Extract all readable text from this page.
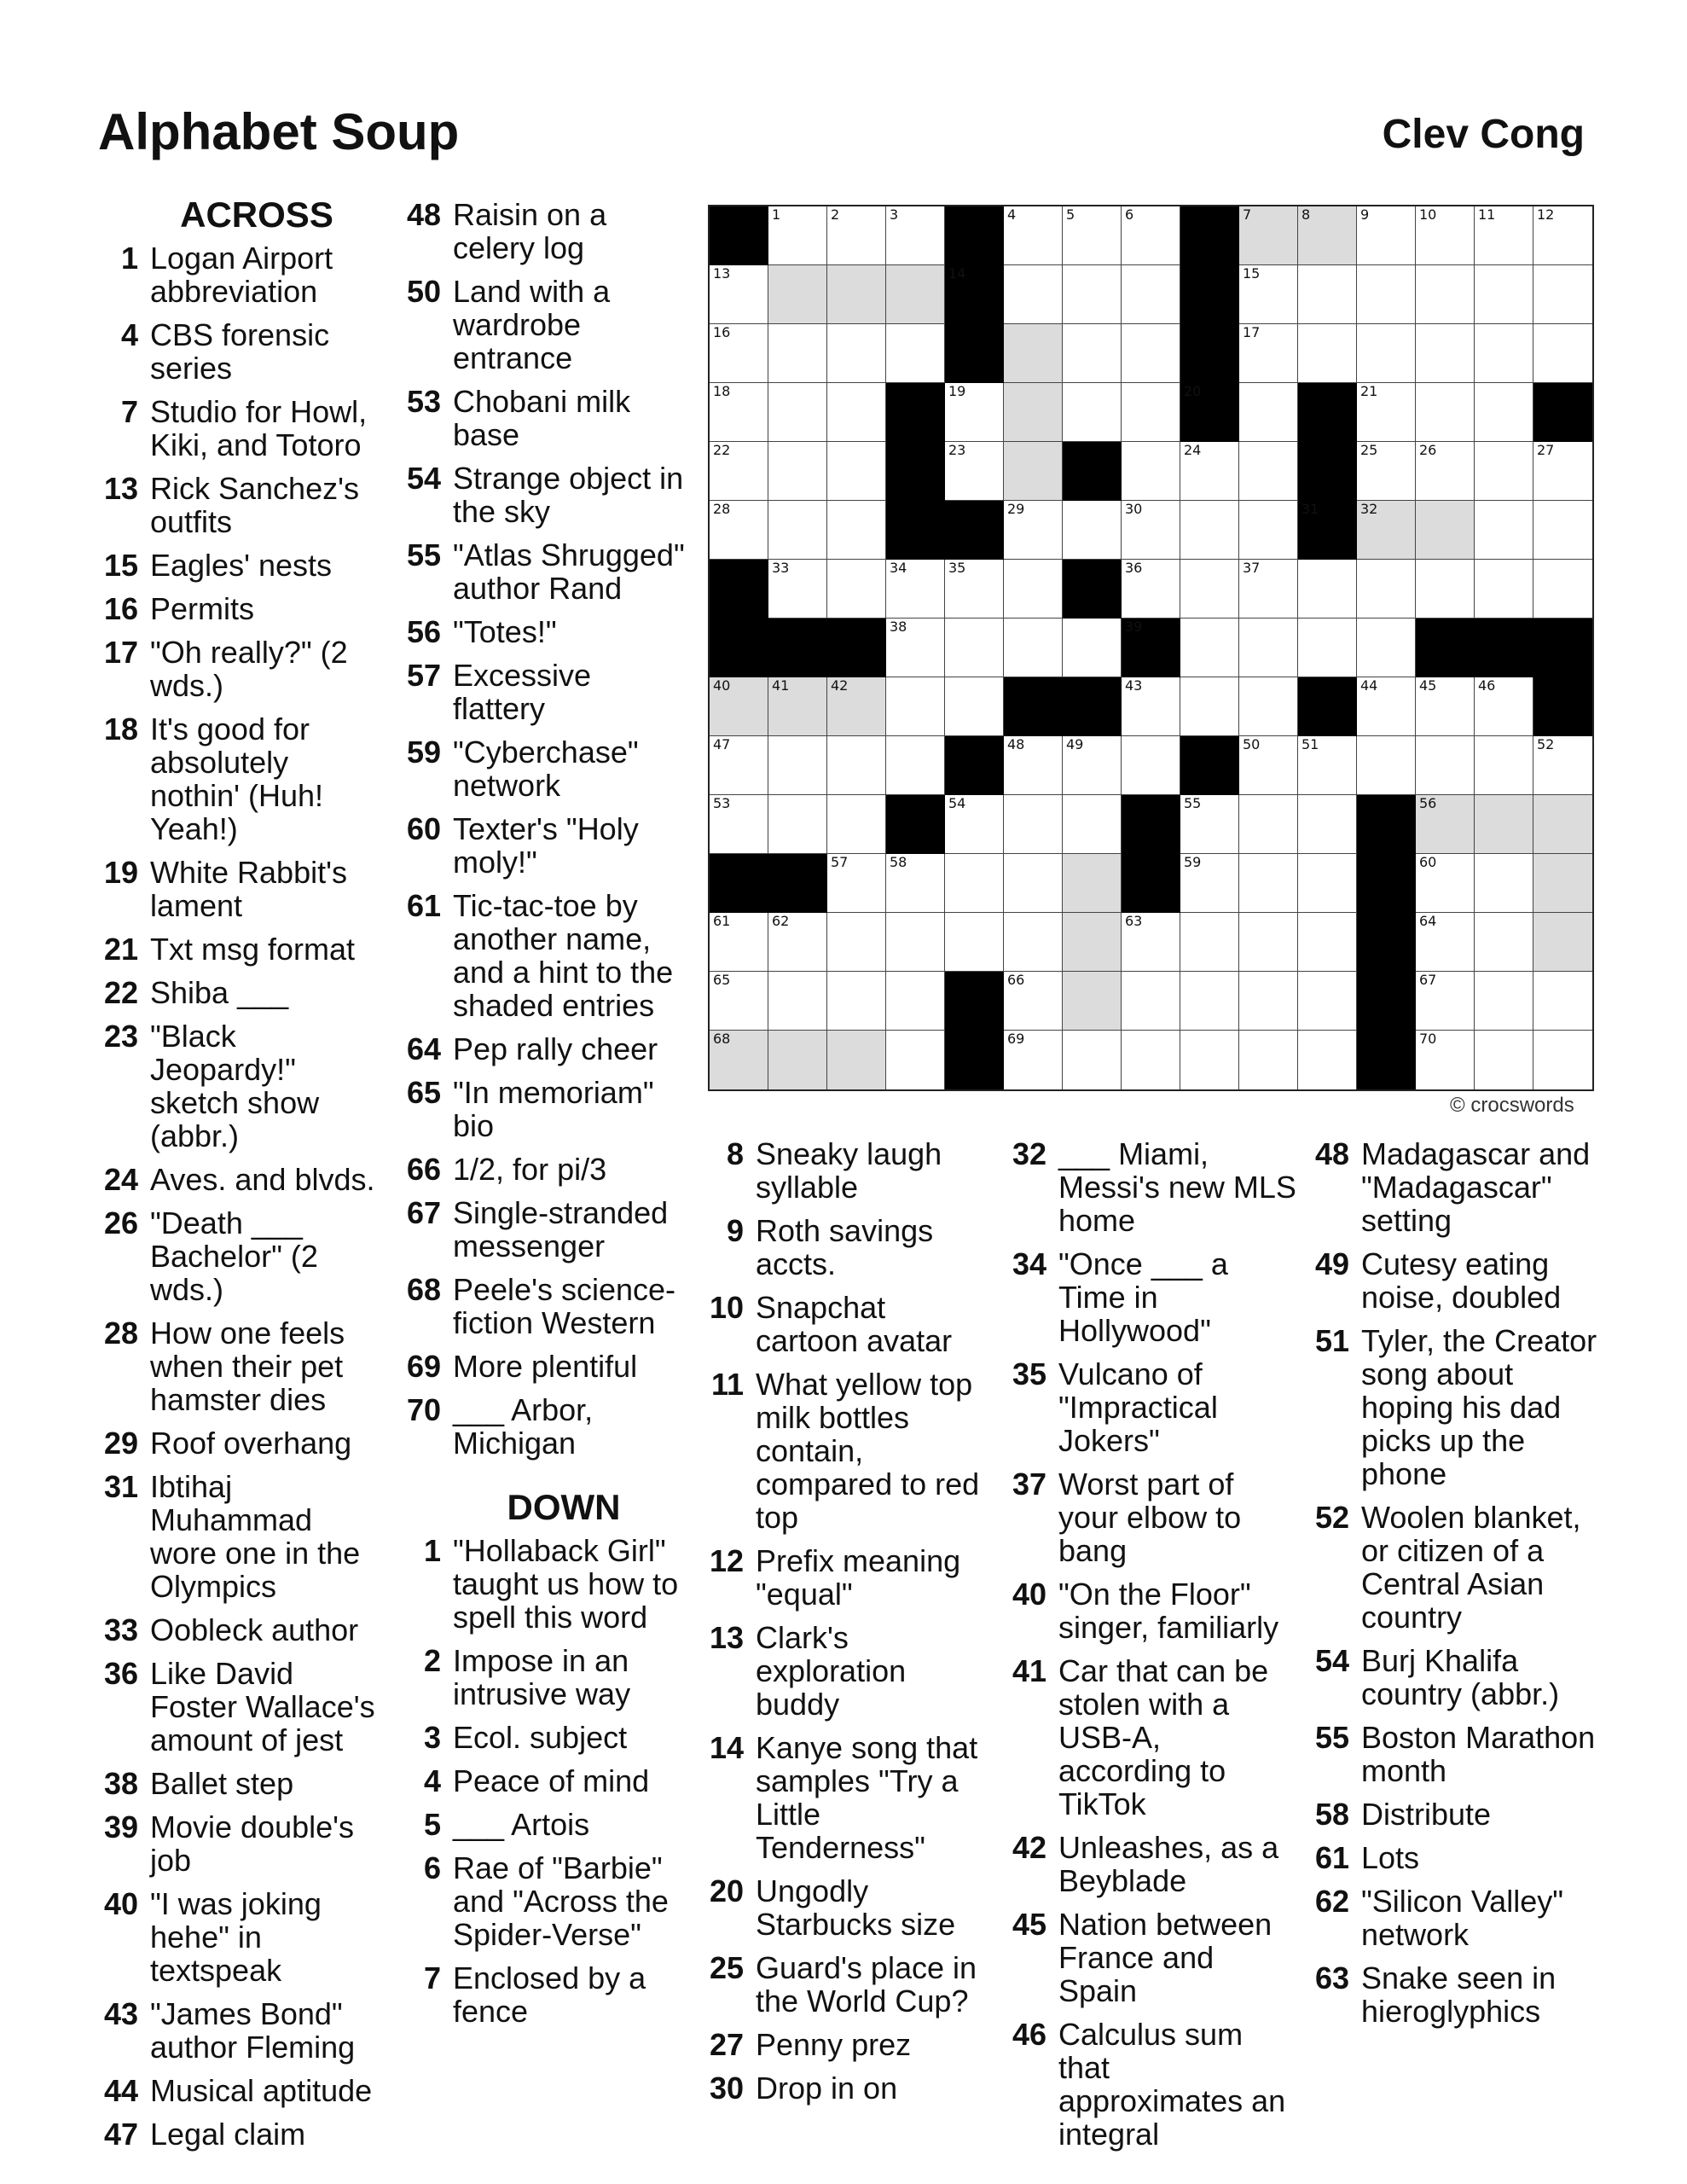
Alphabet Soup	Clev Cong
ACROSS
1 Logan Airport abbreviation
4 CBS forensic series
7 Studio for Howl, Kiki, and Totoro
13 Rick Sanchez's outfits
15 Eagles' nests
16 Permits
17 "Oh really?" (2 wds.)
18 It's good for absolutely nothin' (Huh! Yeah!)
19 White Rabbit's lament
21 Txt msg format
22 Shiba ___
23 "Black Jeopardy!" sketch show (abbr.)
24 Aves. and blvds.
26 "Death ___ Bachelor" (2 wds.)
28 How one feels when their pet hamster dies
29 Roof overhang
31 Ibtihaj Muhammad wore one in the Olympics
33 Oobleck author
36 Like David Foster Wallace's amount of jest
38 Ballet step
39 Movie double's job
40 "I was joking hehe" in textspeak
43 "James Bond" author Fleming
44 Musical aptitude
47 Legal claim
48 Raisin on a celery log
50 Land with a wardrobe entrance
53 Chobani milk base
54 Strange object in the sky
55 "Atlas Shrugged" author Rand
56 "Totes!"
57 Excessive flattery
59 "Cyberchase" network
60 Texter's "Holy moly!"
61 Tic-tac-toe by another name, and a hint to the shaded entries
64 Pep rally cheer
65 "In memoriam" bio
66 1/2, for pi/3
67 Single-stranded messenger
68 Peele's science-fiction Western
69 More plentiful
70 ___ Arbor, Michigan
DOWN
1 "Hollaback Girl" taught us how to spell this word
2 Impose in an intrusive way
3 Ecol. subject
4 Peace of mind
5 ___ Artois
6 Rae of "Barbie" and "Across the Spider-Verse"
7 Enclosed by a fence
1	2	3	4	5	6	7	8	9	10	11	12
13	14	15
16	17
18	19	20	21
22	23	24	25	26	27
28	29	30	31	32
33	34	35	36	37
38	39
40	41	42	43	44	45	46
47	48	49	50	51	52
53	54	55	56
57	58	59	60
61	62	63	64
65	66	67
68	69	70
© crocswords
8 Sneaky laugh syllable
9 Roth savings accts.
10 Snapchat cartoon avatar
11 What yellow top milk bottles contain, compared to red top
12 Prefix meaning "equal"
13 Clark's exploration buddy
14 Kanye song that samples "Try a Little Tenderness"
20 Ungodly Starbucks size
25 Guard's place in the World Cup?
27 Penny prez
30 Drop in on
32 ___ Miami, Messi's new MLS home
34 "Once ___ a Time in Hollywood"
35 Vulcano of "Impractical Jokers"
37 Worst part of your elbow to bang
40 "On the Floor" singer, familiarly
41 Car that can be stolen with a USB-A, according to TikTok
42 Unleashes, as a Beyblade
45 Nation between France and Spain
46 Calculus sum that approximates an integral
48 Madagascar and "Madagascar" setting
49 Cutesy eating noise, doubled
51 Tyler, the Creator song about hoping his dad picks up the phone
52 Woolen blanket, or citizen of a Central Asian country
54 Burj Khalifa country (abbr.)
55 Boston Marathon month
58 Distribute
61 Lots
62 "Silicon Valley" network
63 Snake seen in hieroglyphics
